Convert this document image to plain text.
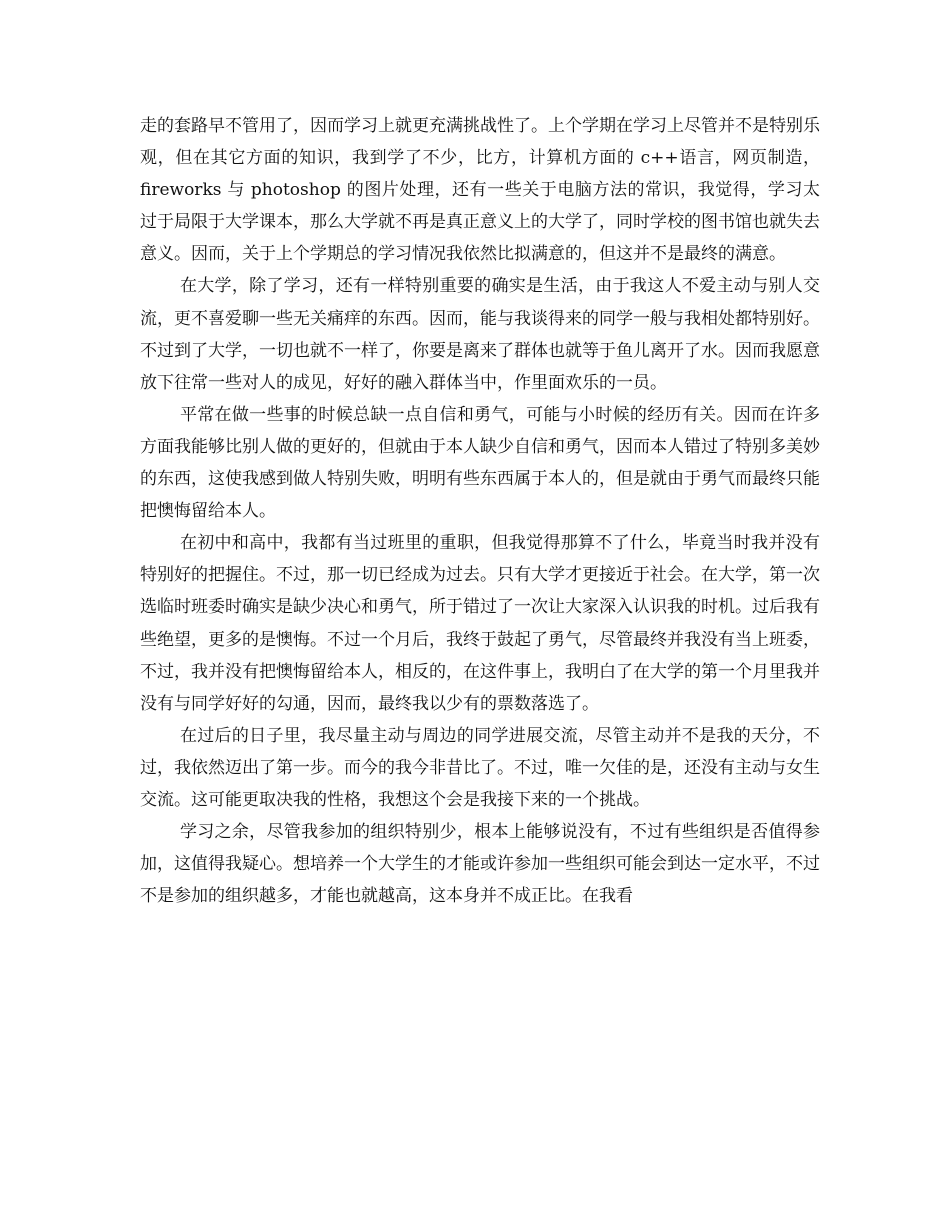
走的套路早不管用了，因而学习上就更充满挑战性了。上个学期在学习上尽管并不是特别乐观，但在其它方面的知识，我到学了不少，比方，计算机方面的 c++语言，网页制造，fireworks 与 photoshop 的图片处理，还有一些关于电脑方法的常识，我觉得，学习太过于局限于大学课本，那么大学就不再是真正意义上的大学了，同时学校的图书馆也就失去意义。因而，关于上个学期总的学习情况我依然比拟满意的，但这并不是最终的满意。

在大学，除了学习，还有一样特别重要的确实是生活，由于我这人不爱主动与别人交流，更不喜爱聊一些无关痛痒的东西。因而，能与我谈得来的同学一般与我相处都特别好。不过到了大学，一切也就不一样了，你要是离来了群体也就等于鱼儿离开了水。因而我愿意放下往常一些对人的成见，好好的融入群体当中，作里面欢乐的一员。

平常在做一些事的时候总缺一点自信和勇气，可能与小时候的经历有关。因而在许多方面我能够比别人做的更好的，但就由于本人缺少自信和勇气，因而本人错过了特别多美妙的东西，这使我感到做人特别失败，明明有些东西属于本人的，但是就由于勇气而最终只能把懊悔留给本人。

在初中和高中，我都有当过班里的重职，但我觉得那算不了什么，毕竟当时我并没有特别好的把握住。不过，那一切已经成为过去。只有大学才更接近于社会。在大学，第一次选临时班委时确实是缺少决心和勇气，所于错过了一次让大家深入认识我的时机。过后我有些绝望，更多的是懊悔。不过一个月后，我终于鼓起了勇气，尽管最终并我没有当上班委，不过，我并没有把懊悔留给本人，相反的，在这件事上，我明白了在大学的第一个月里我并没有与同学好好的勾通，因而，最终我以少有的票数落选了。

在过后的日子里，我尽量主动与周边的同学进展交流，尽管主动并不是我的天分，不过，我依然迈出了第一步。而今的我今非昔比了。不过，唯一欠佳的是，还没有主动与女生交流。这可能更取决我的性格，我想这个会是我接下来的一个挑战。

学习之余，尽管我参加的组织特别少，根本上能够说没有，不过有些组织是否值得参加，这值得我疑心。想培养一个大学生的才能或许参加一些组织可能会到达一定水平，不过不是参加的组织越多，才能也就越高，这本身并不成正比。在我看
